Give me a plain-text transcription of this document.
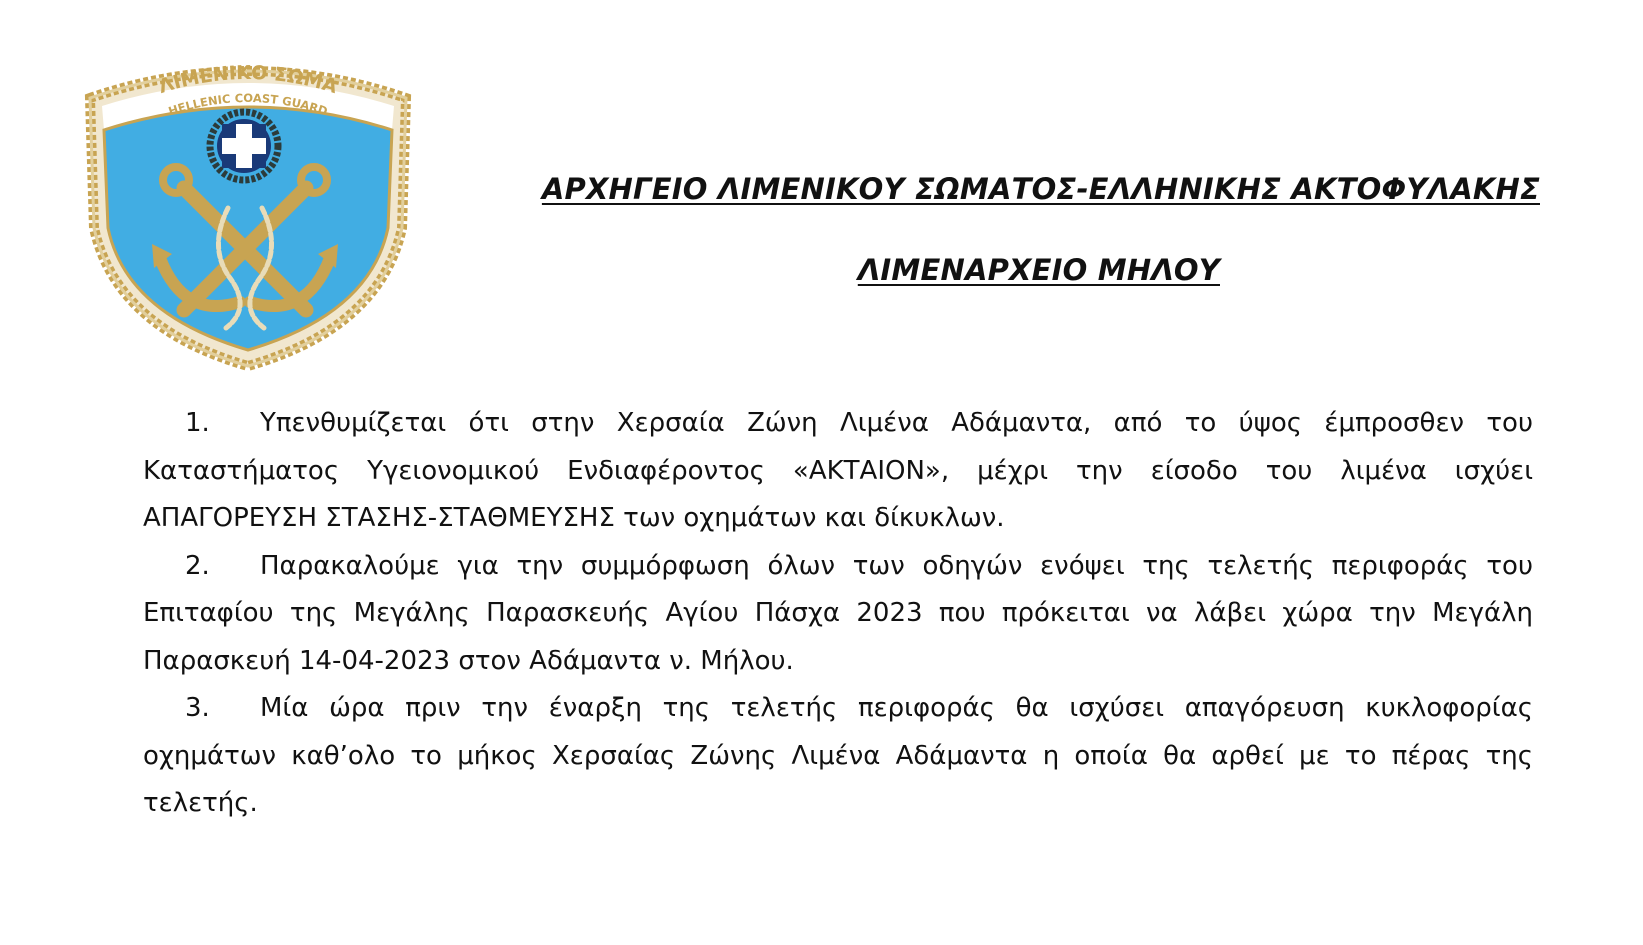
ΛΙΜΕΝΙΚΟ ΣΩΜΑ
HELLENIC COAST GUARD
ΑΡΧΗΓΕΙΟ ΛΙΜΕΝΙΚΟΥ ΣΩΜΑΤΟΣ-ΕΛΛΗΝΙΚΗΣ ΑΚΤΟΦΥΛΑΚΗΣ
ΛΙΜΕΝΑΡΧΕΙΟ ΜΗΛΟΥ

1. Υπενθυμίζεται ότι στην Χερσαία Ζώνη Λιμένα Αδάμαντα, από το ύψος έμπροσθεν του Καταστήματος Υγειονομικού Ενδιαφέροντος «ΑΚΤΑΙΟΝ», μέχρι την είσοδο του λιμένα ισχύει ΑΠΑΓΟΡΕΥΣΗ ΣΤΑΣΗΣ-ΣΤΑΘΜΕΥΣΗΣ των οχημάτων και δίκυκλων.

2. Παρακαλούμε για την συμμόρφωση όλων των οδηγών ενόψει της τελετής περιφοράς του Επιταφίου της Μεγάλης Παρασκευής Αγίου Πάσχα 2023 που πρόκειται να λάβει χώρα την Μεγάλη Παρασκευή 14-04-2023 στον Αδάμαντα ν. Μήλου.

3. Μία ώρα πριν την έναρξη της τελετής περιφοράς θα ισχύσει απαγόρευση κυκλοφορίας οχημάτων καθ’ολο το μήκος Χερσαίας Ζώνης Λιμένα Αδάμαντα η οποία θα αρθεί με το πέρας της τελετής.
